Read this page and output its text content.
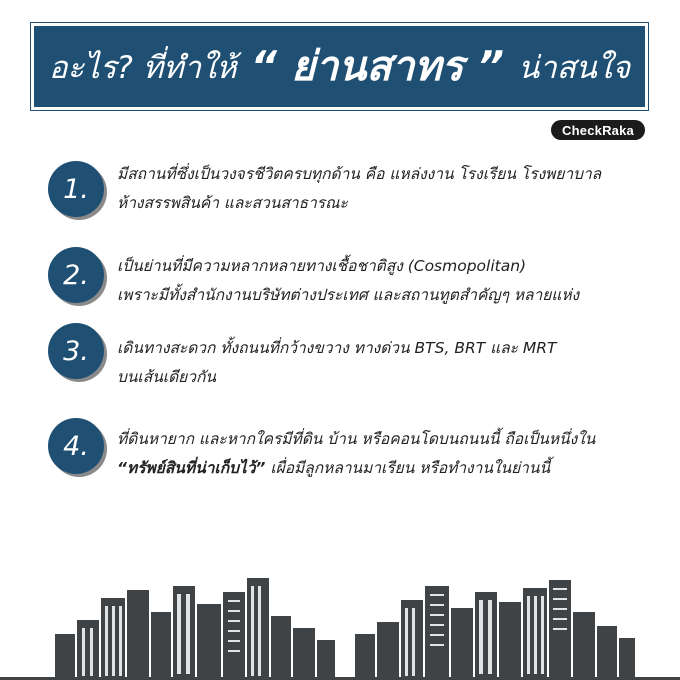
อะไร? ที่ทำให้ “ ย่านสาทร ” น่าสนใจ
CheckRaka
1.	มีสถานที่ซึ่งเป็นวงจรชีวิตครบทุกด้าน คือ แหล่งงาน โรงเรียน โรงพยาบาล
ห้างสรรพสินค้า และสวนสาธารณะ
2.	เป็นย่านที่มีความหลากหลายทางเชื้อชาติสูง (Cosmopolitan)
เพราะมีทั้งสำนักงานบริษัทต่างประเทศ และสถานทูตสำคัญๆ หลายแห่ง
3.	เดินทางสะดวก ทั้งถนนที่กว้างขวาง ทางด่วน BTS, BRT และ MRT
บนเส้นเดียวกัน
4.	ที่ดินหายาก และหากใครมีที่ดิน บ้าน หรือคอนโดบนถนนนี้ ถือเป็นหนึ่งใน
“ทรัพย์สินที่น่าเก็บไว้” เผื่อมีลูกหลานมาเรียน หรือทำงานในย่านนี้
